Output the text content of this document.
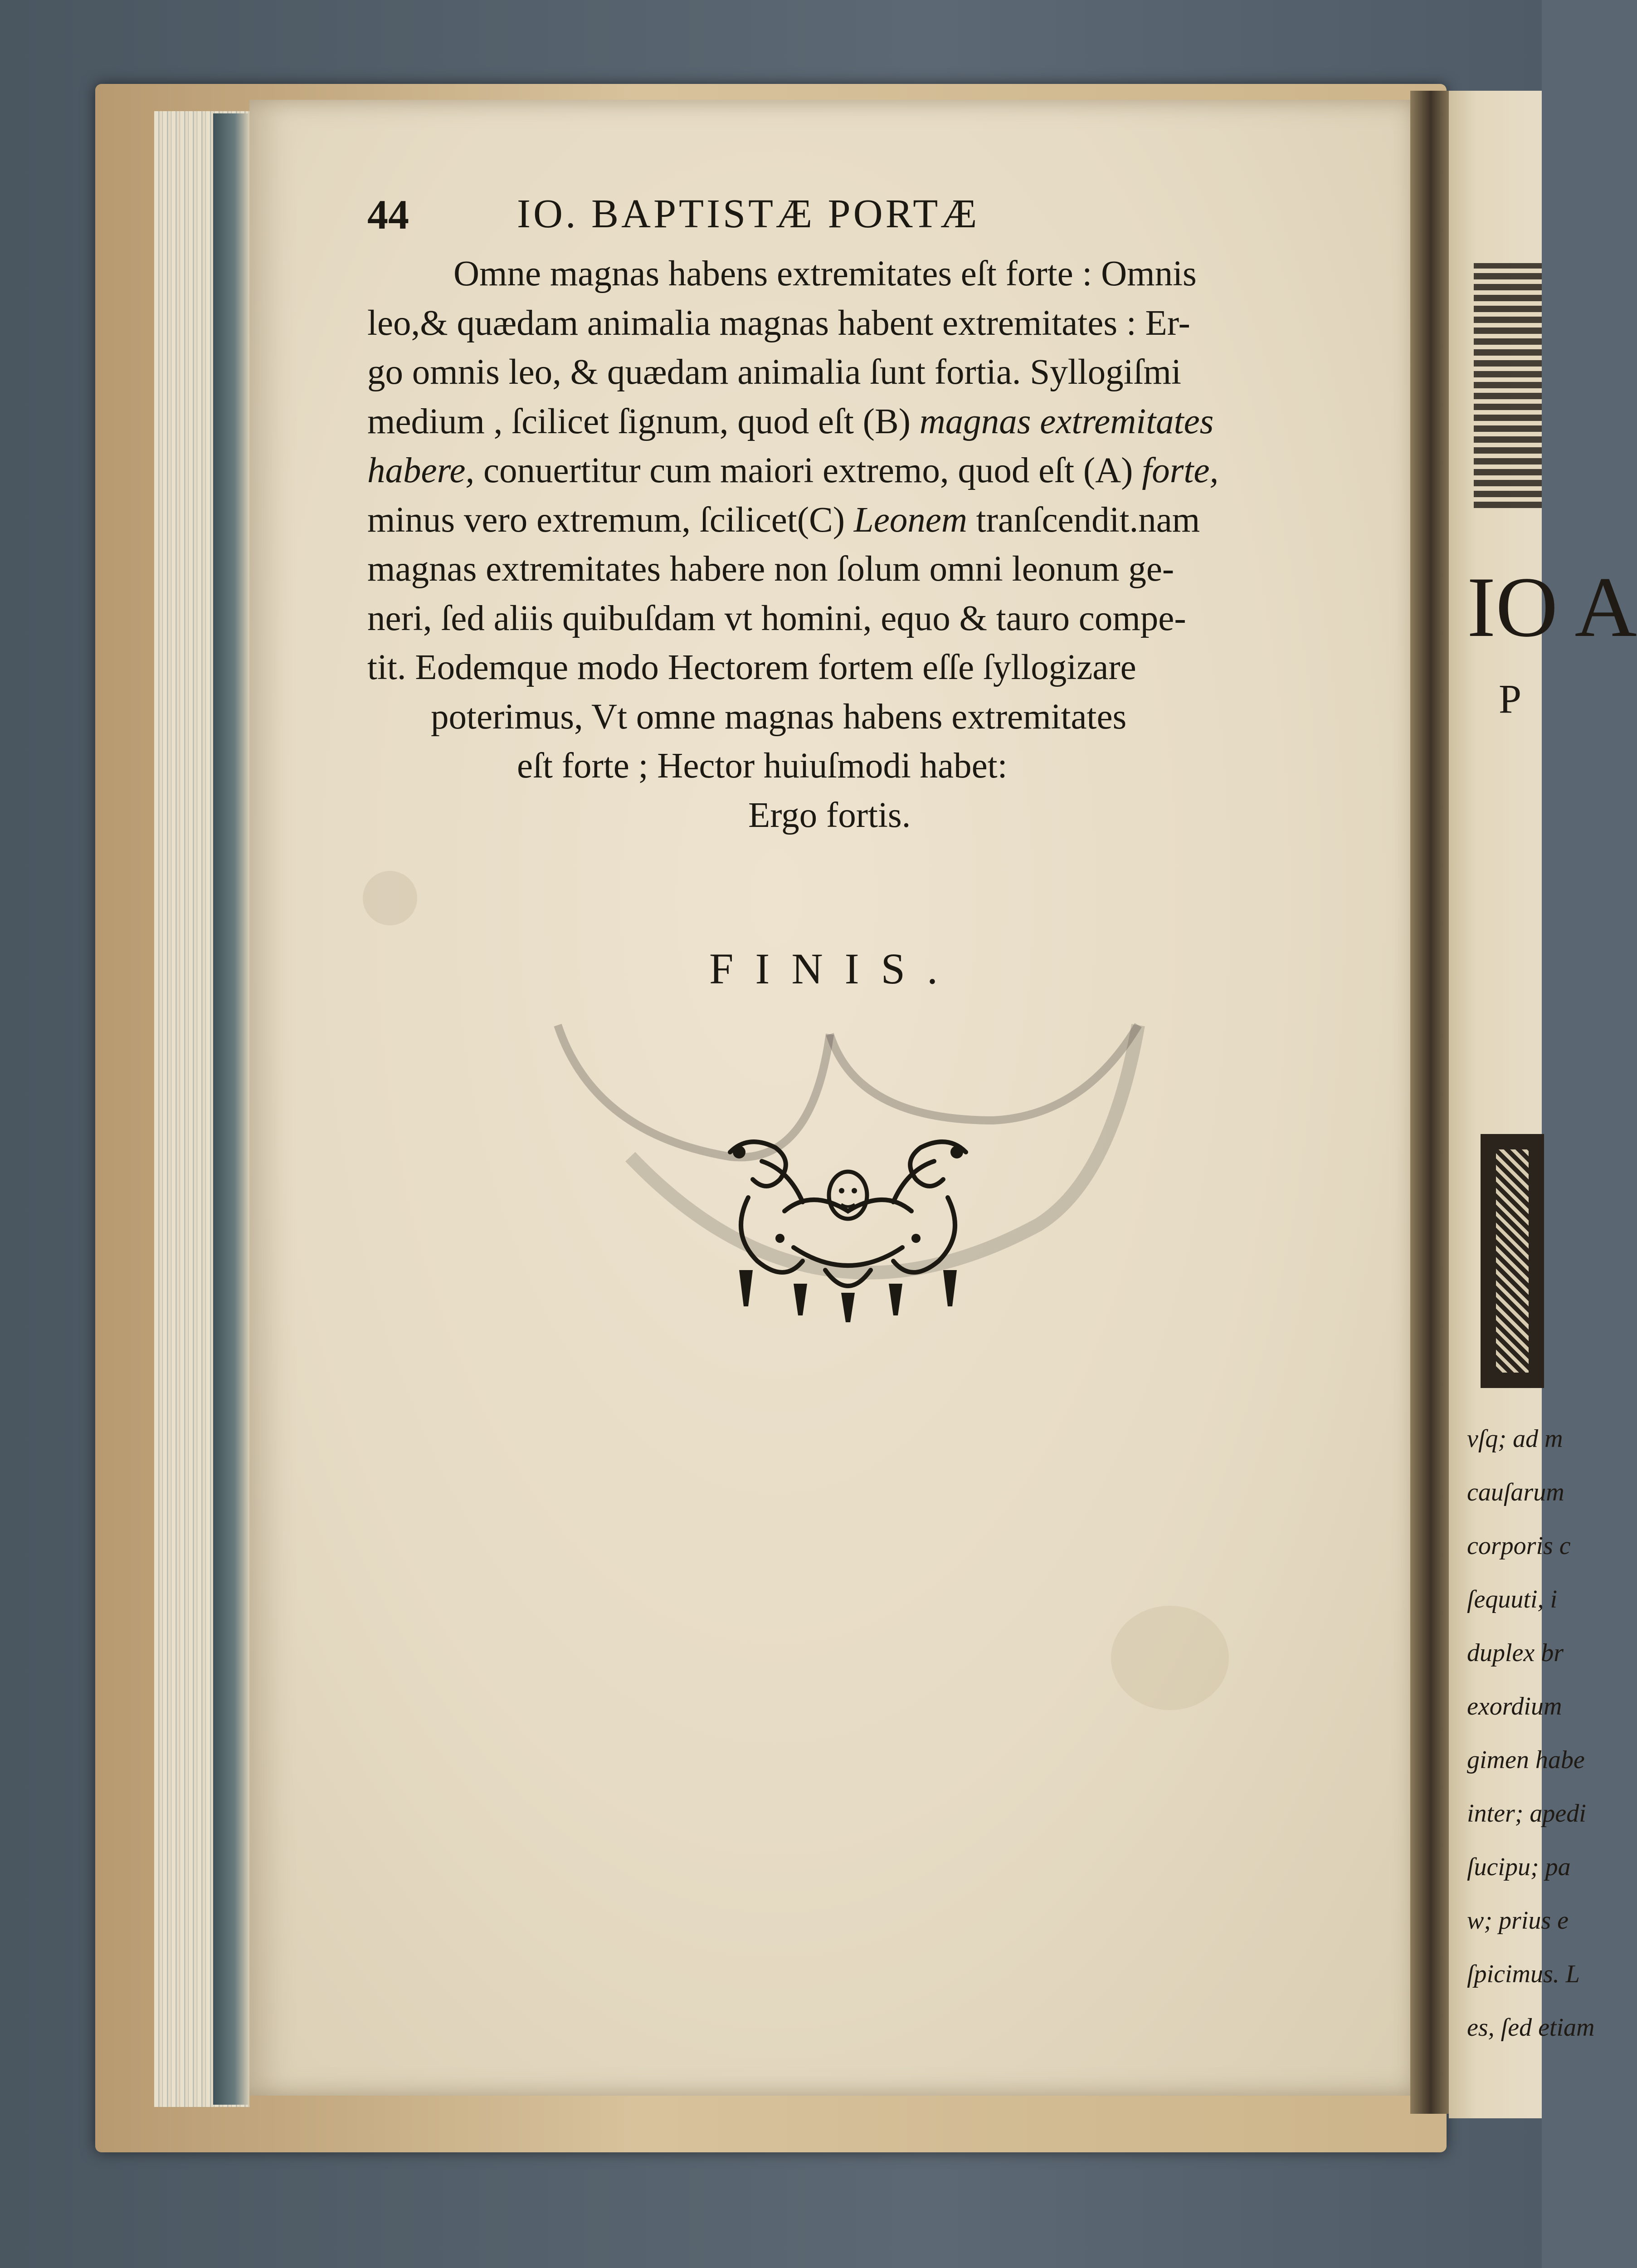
IO A
P
vſq; ad m
cauſarum
corporis c
ſequuti, i
duplex br
exordium
gimen habe
inter; apedi
ſucipu; pa
w; prius e
ſpicimus. L
es, ſed etiam
44	IO. BAPTISTÆ PORTÆ
Omne magnas habens extremitates eſt forte : Omnis
leo,& quædam animalia magnas habent extremitates : Er-
go omnis leo, & quædam animalia ſunt fortia. Syllogiſmi
medium , ſcilicet ſignum, quod eſt (B) magnas extremitates
habere, conuertitur cum maiori extremo, quod eſt (A) forte,
minus vero extremum, ſcilicet(C) Leonem tranſcendit.nam
magnas extremitates habere non ſolum omni leonum ge-
neri, ſed aliis quibuſdam vt homini, equo & tauro compe-
tit. Eodemque modo Hectorem fortem eſſe ſyllogizare
poterimus, Vt omne magnas habens extremitates
eſt forte ; Hector huiuſmodi habet:
Ergo fortis.
FINIS.
